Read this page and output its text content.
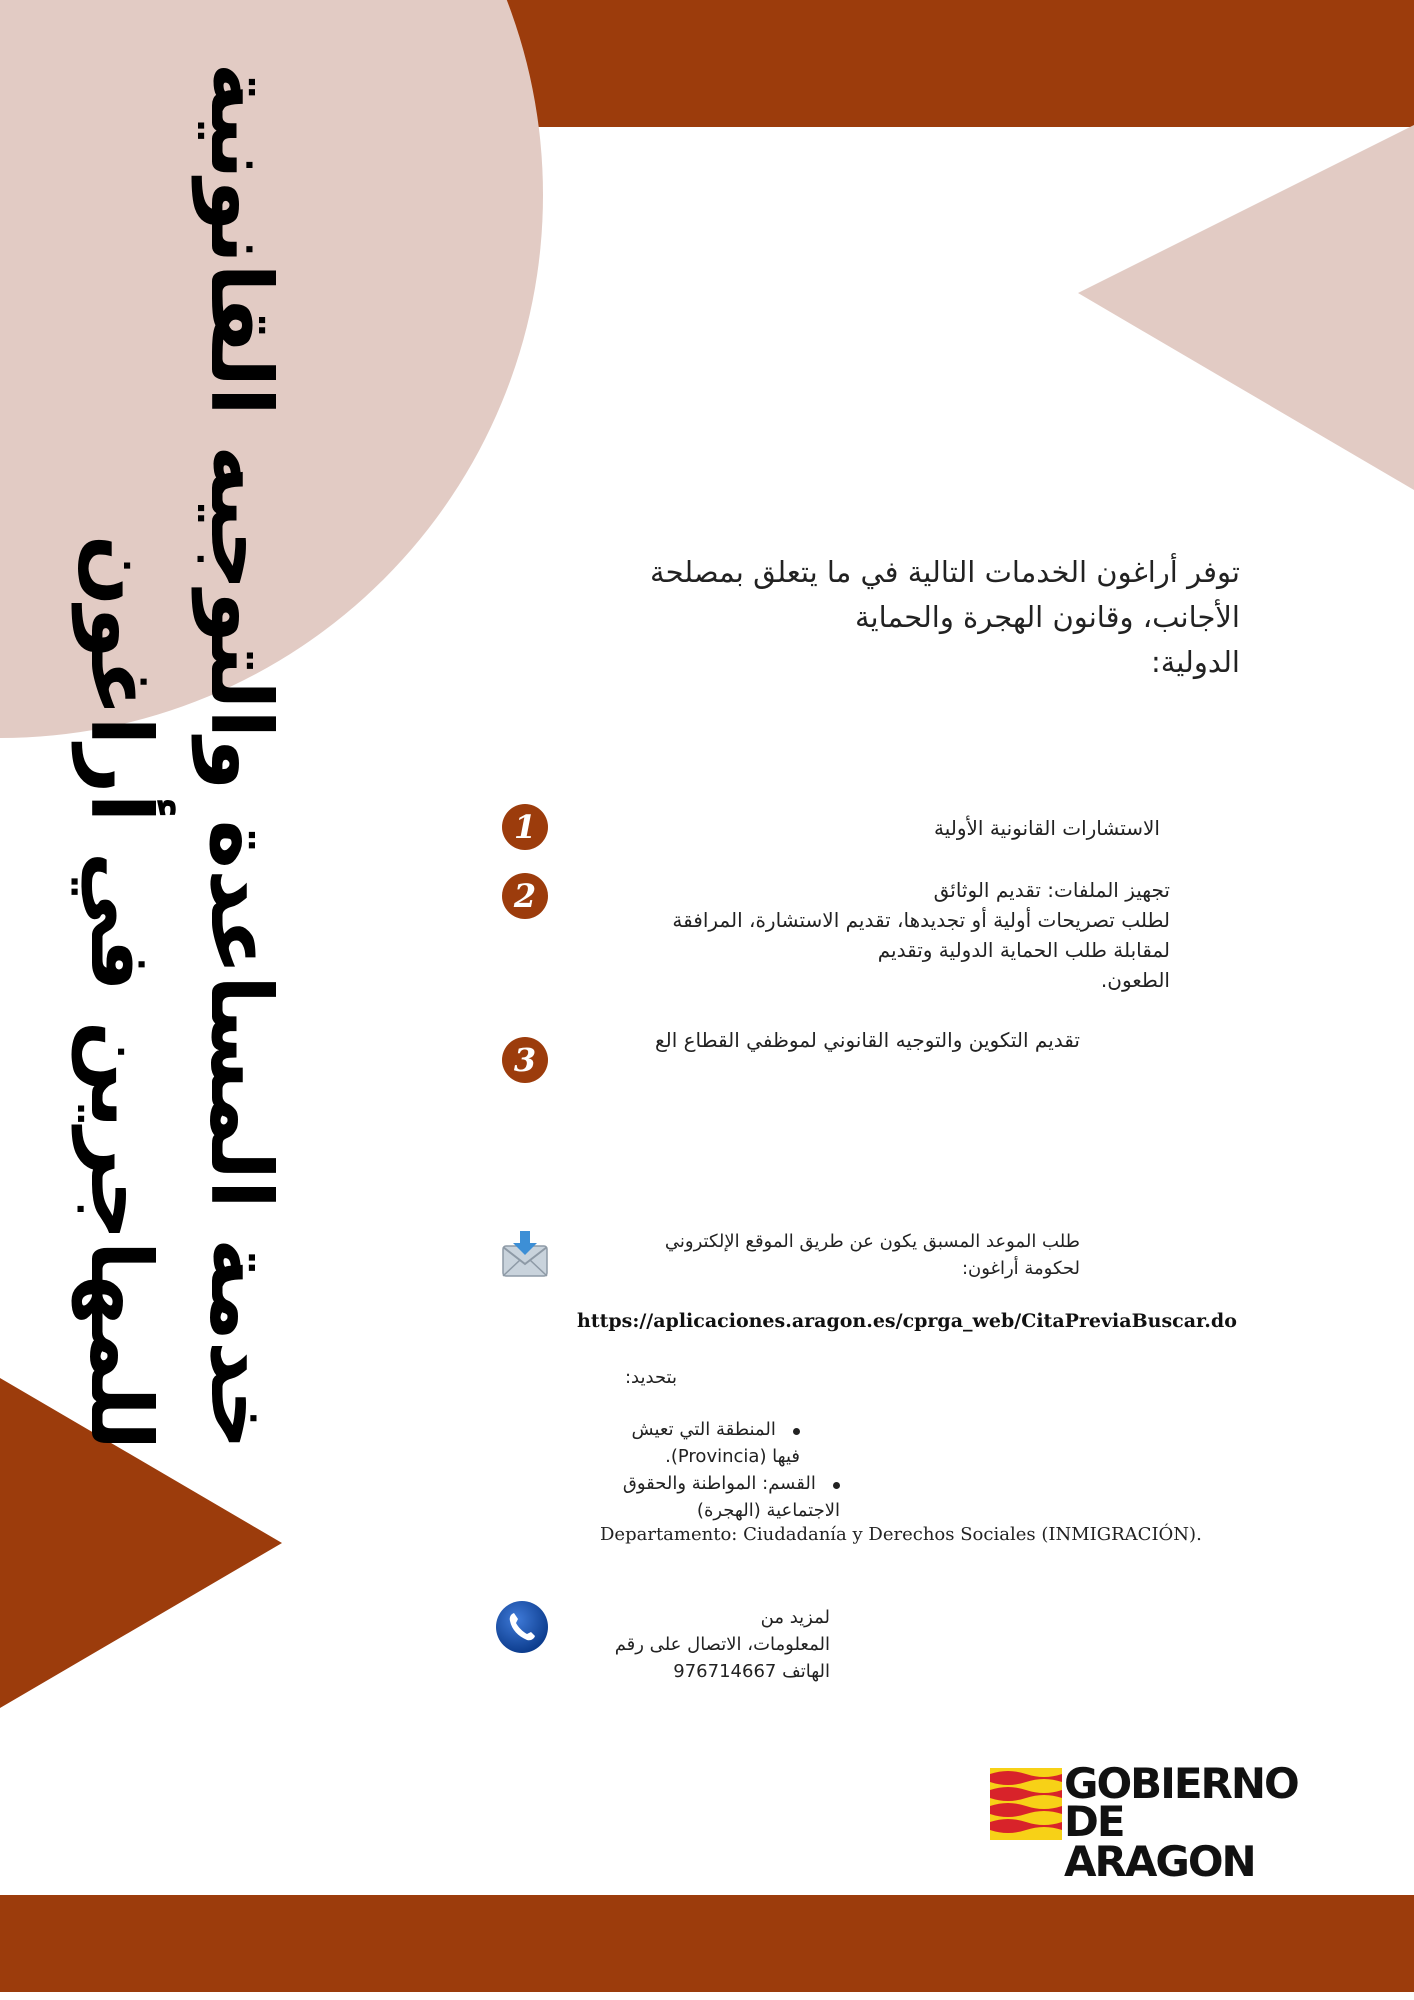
خدمة المساعدة والتوجيه القانونية
للمهاجرين في أراغون	توفر أراغون الخدمات التالية في ما يتعلق بمصلحة
الأجانب، وقانون الهجرة والحماية
الدولية:
1	الاستشارات القانونية الأولية
2	تجهيز الملفات: تقديم الوثائق
لطلب تصريحات أولية أو تجديدها، تقديم الاستشارة، المرافقة
لمقابلة طلب الحماية الدولية وتقديم
الطعون.
3
تقديم التكوين والتوجيه القانوني لموظفي القطاع الع
طلب الموعد المسبق يكون عن طريق الموقع الإلكتروني
لحكومة أراغون:
https://aplicaciones.aragon.es/cprga_web/CitaPreviaBuscar.do
بتحديد:
المنطقة التي تعيش
فيها (Provincia).
القسم: المواطنة والحقوق
الاجتماعية (الهجرة)
Departamento: Ciudadanía y Derechos Sociales (INMIGRACIÓN).
لمزيد من
المعلومات، الاتصال على رقم
الهاتف 976714667
GOBIERNO
DE ARAGON
